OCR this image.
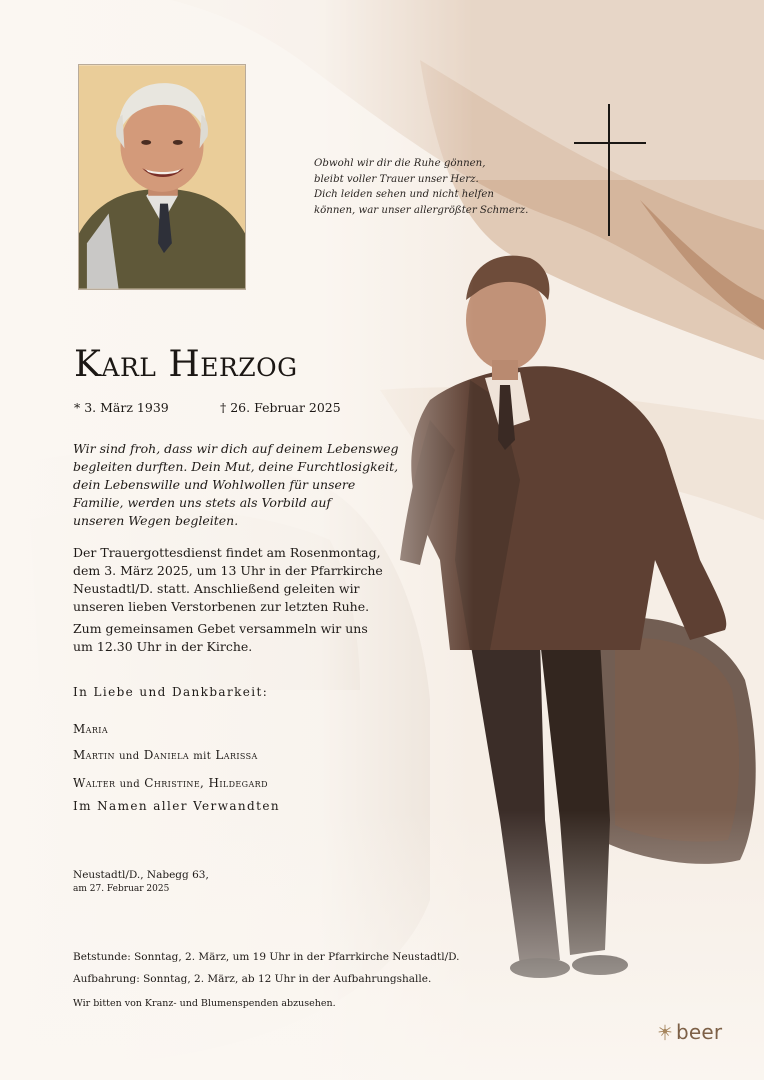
Obwohl wir dir die Ruhe gönnen,
bleibt voller Trauer unser Herz.
Dich leiden sehen und nicht helfen
können, war unser allergrößter Schmerz.
Karl Herzog
* 3. März 1939	† 26. Februar 2025
Wir sind froh, dass wir dich auf deinem Lebensweg
begleiten durften. Dein Mut, deine Furchtlosigkeit,
dein Lebenswille und Wohlwollen für unsere
Familie, werden uns stets als Vorbild auf
unseren Wegen begleiten.
Der Trauergottesdienst findet am Rosenmontag,
dem 3. März 2025, um 13 Uhr in der Pfarrkirche
Neustadtl/D. statt. Anschließend geleiten wir
unseren lieben Verstorbenen zur letzten Ruhe.
Zum gemeinsamen Gebet versammeln wir uns
um 12.30 Uhr in der Kirche.
In Liebe und Dankbarkeit:
Maria
Martin und Daniela mit Larissa
Walter und Christine, Hildegard
Im Namen aller Verwandten
Neustadtl/D., Nabegg 63,
am 27. Februar 2025
Betstunde: Sonntag, 2. März, um 19 Uhr in der Pfarrkirche Neustadtl/D.
Aufbahrung: Sonntag, 2. März, ab 12 Uhr in der Aufbahrungshalle.
Wir bitten von Kranz- und Blumenspenden abzusehen.
beer
